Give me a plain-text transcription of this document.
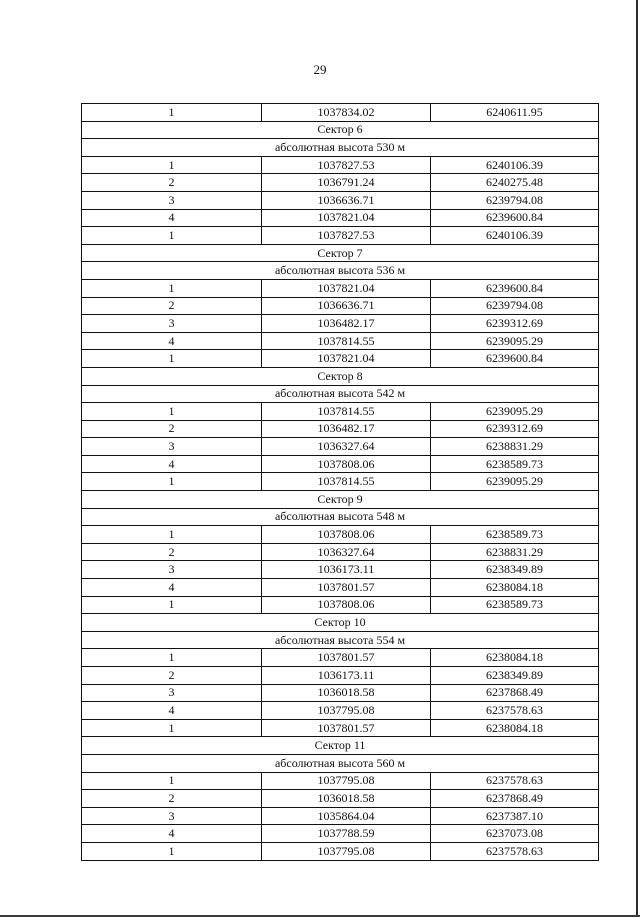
29
1	1037834.02	6240611.95
Сектор 6		
абсолютная высота 530 м		
1	1037827.53	6240106.39
2	1036791.24	6240275.48
3	1036636.71	6239794.08
4	1037821.04	6239600.84
1	1037827.53	6240106.39
Сектор 7		
абсолютная высота 536 м		
1	1037821.04	6239600.84
2	1036636.71	6239794.08
3	1036482.17	6239312.69
4	1037814.55	6239095.29
1	1037821.04	6239600.84
Сектор 8		
абсолютная высота 542 м		
1	1037814.55	6239095.29
2	1036482.17	6239312.69
3	1036327.64	6238831.29
4	1037808.06	6238589.73
1	1037814.55	6239095.29
Сектор 9		
абсолютная высота 548 м		
1	1037808.06	6238589.73
2	1036327.64	6238831.29
3	1036173.11	6238349.89
4	1037801.57	6238084.18
1	1037808.06	6238589.73
Сектор 10		
абсолютная высота 554 м		
1	1037801.57	6238084.18
2	1036173.11	6238349.89
3	1036018.58	6237868.49
4	1037795.08	6237578.63
1	1037801.57	6238084.18
Сектор 11		
абсолютная высота 560 м		
1	1037795.08	6237578.63
2	1036018.58	6237868.49
3	1035864.04	6237387.10
4	1037788.59	6237073.08
1	1037795.08	6237578.63
